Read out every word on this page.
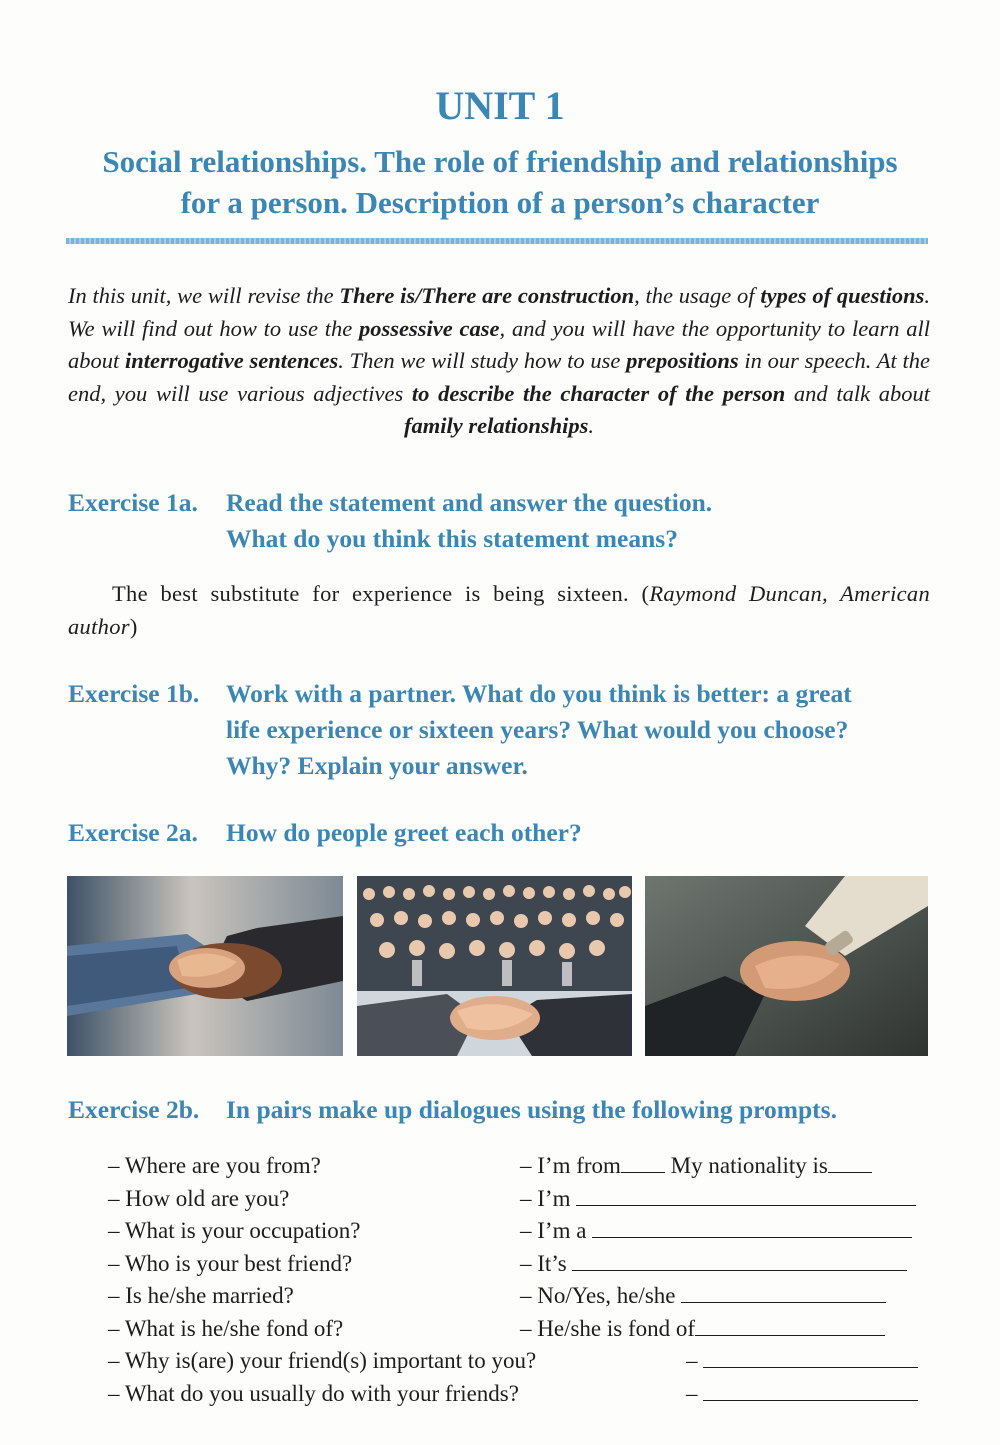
UNIT 1
Social relationships. The role of friendship and relationships
for a person. Description of a person’s character

In this unit, we will revise the There is/There are construction, the usage of types of questions. We will find out how to use the possessive case, and you will have the opportunity to learn all about interrogative sentences. Then we will study how to use prepositions in our speech. At the end, you will use various adjectives to describe the character of the person and talk about family relationships.

Exercise 1a. Read the statement and answer the question.
What do you think this statement means?

The best substitute for experience is being sixteen. (Raymond Duncan, American author)

Exercise 1b. Work with a partner. What do you think is better: a great
life experience or sixteen years? What would you choose?
Why? Explain your answer.
Exercise 2a. How do people greet each other?
Exercise 2b. In pairs make up dialogues using the following prompts.
– Where are you from?	– I’m from My nationality is
– How old are you?	– I’m
– What is your occupation?	– I’m a
– Who is your best friend?	– It’s
– Is he/she married?	– No/Yes, he/she
– What is he/she fond of?	– He/she is fond of
– Why is(are) your friend(s) important to you?	–
– What do you usually do with your friends?	–
